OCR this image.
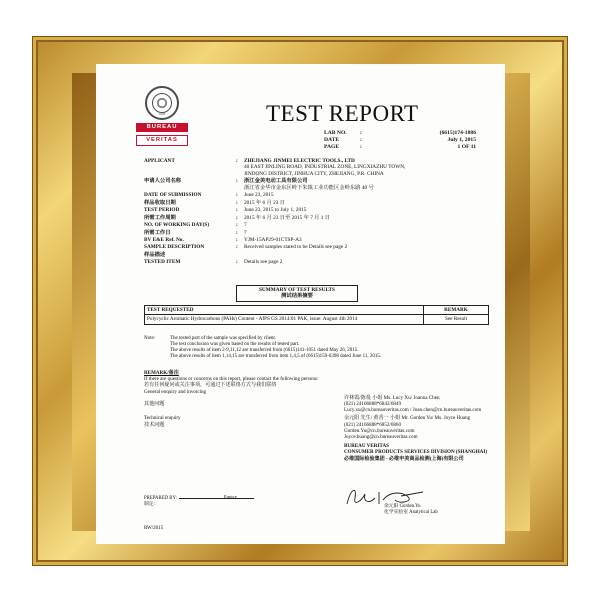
1828
BUREAU
VERITAS
TEST REPORT
LAB NO.	:	(6615)174-1886
DATE	:	July 1, 2015
PAGE	:	1 OF 11
APPLICANT	:	ZHEJIANG JINMEI ELECTRIC TOOLS., LTD
40 EAST JINLING ROAD, INDUSTRIAL ZONE, LINGXIAZHU TOWN,
JINDONG DISTRICT, JINHUA CITY, ZHEJIANG, P.R. CHINA
申请人公司名称	:	浙江金美电动工具有限公司
浙江省金华市金东区岭下朱镇工业功能区金岭东路 40 号
DATE OF SUBMISSION	:	June 23, 2015
样品收取日期	:	2015 年 6 月 23 日
TEST PERIOD	:	June 23, 2015 to July 1, 2015
所需工作周期	:	2015 年 6 月 23 日至 2015 年 7 月 1 日
NO. OF WORKING DAY(S)	:	7
所需工作日	:	7
BV E&E Ref. No.	:	YJM-15AP29-01CTSP-A3
SAMPLE DESCRIPTION	:	Received samples stated to be Details see page 2
样品描述
TESTED ITEM	:	Details see page 2
SUMMARY OF TEST RESULTS
测试结果摘要
TEST REQUESTED	REMARK
Polycyclic Aromatic Hydrocarbons (PAHs) Content - AfPS GS 2014:01 PAK, issue: August 4th 2014	See Result
Note:	The tested part of the sample was specified by client.
The test conclusion was given based on the results of tested part.
The above results of item 2-9,11,12 are transferred from (6615)141-1051 dated May 26, 2015.
The above results of item 1,14,15 are transferred from item 1,4,5 of (6615)159-0398 dated June 11, 2015.
REMARK/备注
If there are questions or concerns on this report, please contact the following persons:
若有任何疑问或关注事项，可通过下述联络方式与我们联络
General enquiry and invoicing
许林霞/陈曼 小姐 Ms. Lucy Xu/ Joanna Chen
其他问题	(021) 24166888*6842/6849
Lucy.xu@cn.bureauveritas.com / Joan.chen@cn.bureauveritas.com
Technical enquiry	余元阳 先生/ 黄香一 小姐 Mr. Gorden Yu/ Ms. Joyce Huang
技术问题	(021) 24166888*6852/6860
Gorden.Yu@cn.bureauveritas.com
Joyce.huang@cn.bureauveritas.com
BUREAU VERITAS
CONSUMER PRODUCTS SERVICES DIVISION (SHANGHAI)
必维国际检验集团 - 必维申美商品检测(上海)有限公司
PREPARED BY:
制定:
Eunice
余元阳 Gorden.Yu
化学实验室 Analytical Lab
RW/2015
